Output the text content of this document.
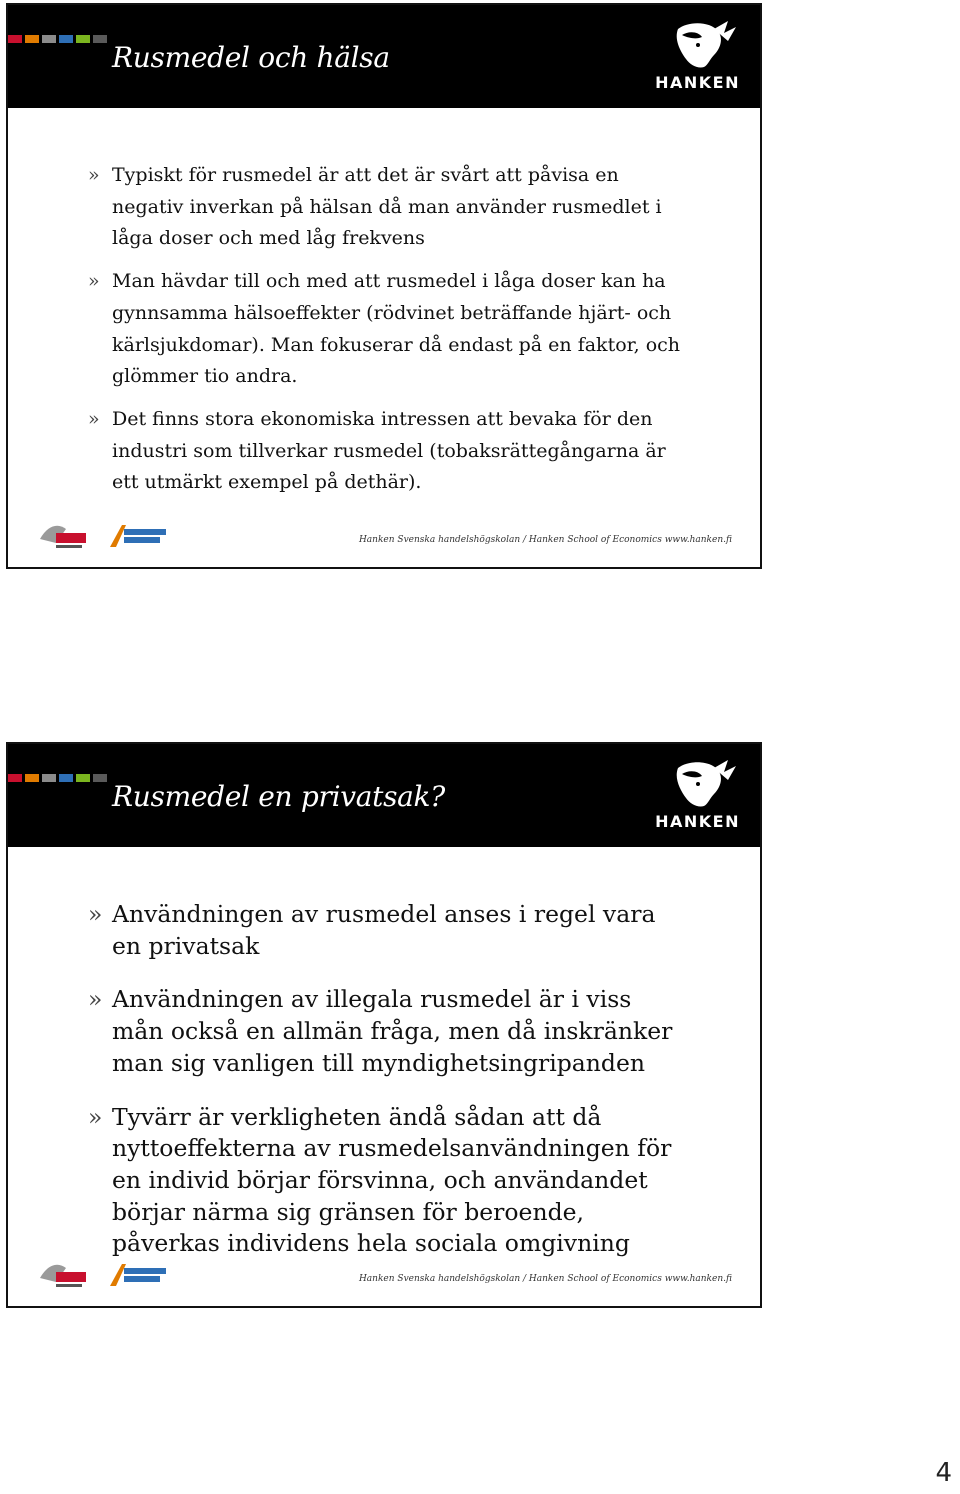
Rusmedel och hälsa
HANKEN
» Typiskt för rusmedel är att det är svårt att påvisa en negativ inverkan på hälsan då man använder rusmedlet i låga doser och med låg frekvens
» Man hävdar till och med att rusmedel i låga doser kan ha gynnsamma hälsoeffekter (rödvinet beträffande hjärt- och kärlsjukdomar). Man fokuserar då endast på en faktor, och glömmer tio andra.
» Det finns stora ekonomiska intressen att bevaka för den industri som tillverkar rusmedel (tobaksrättegångarna är ett utmärkt exempel på dethär).
Hanken Svenska handelshögskolan / Hanken School of Economics www.hanken.fi
Rusmedel en privatsak?
HANKEN
» Användningen av rusmedel anses i regel vara en privatsak
» Användningen av illegala rusmedel är i viss mån också en allmän fråga, men då inskränker man sig vanligen till myndighetsingripanden
» Tyvärr är verkligheten ändå sådan att då nyttoeffekterna av rusmedelsanvändningen för en individ börjar försvinna, och användandet börjar närma sig gränsen för beroende, påverkas individens hela sociala omgivning
Hanken Svenska handelshögskolan / Hanken School of Economics www.hanken.fi
4
